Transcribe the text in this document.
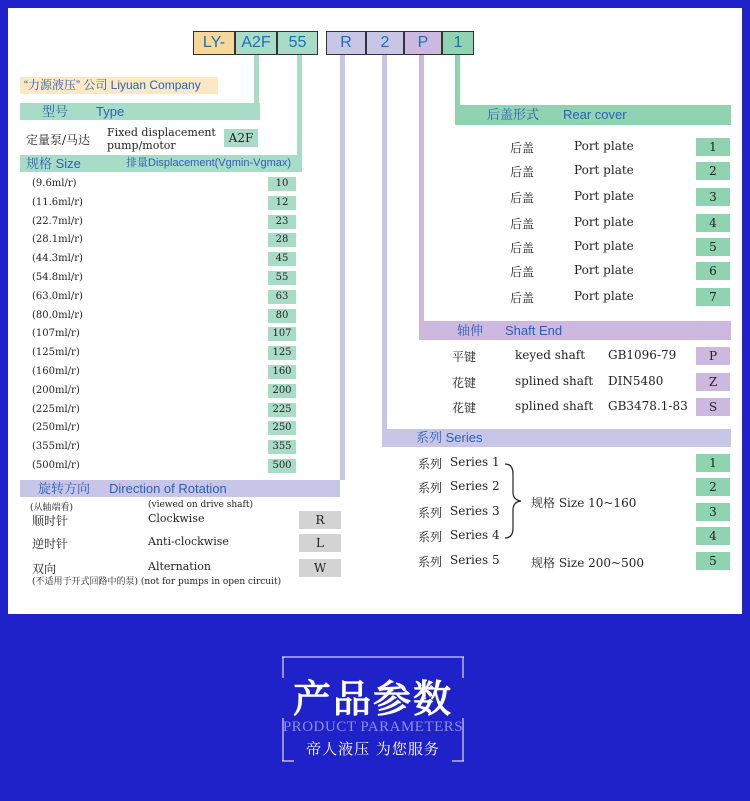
“力源液压” 公司 Liyuan Company
型号 Type
定量泵/马达
Fixed displacement
pump/motor
A2F
规格 Size	排量Displacement(Vgmin-Vgmax)
旋转方向 Direction of Rotation
(从轴端看)	(viewed on drive shaft)
(不适用于开式回路中的泵) (not for pumps in open circuit)
后盖形式 Rear cover
轴伸 Shaft End
系列 Series
规格 Size 10~160
规格 Size 200~500
产品参数
PRODUCT PARAMETERS
帝人液压 为您服务
LY-	A2F	55	R	2	P	1
(9.6ml/r)	10
(11.6ml/r)	12
(22.7ml/r)	23
(28.1ml/r)	28
(44.3ml/r)	45
(54.8ml/r)	55
(63.0ml/r)	63
(80.0ml/r)	80
(107ml/r)	107
(125ml/r)	125
(160ml/r)	160
(200ml/r)	200
(225ml/r)	225
(250ml/r)	250
(355ml/r)	355
(500ml/r)	500
顺时针	Clockwise	R
逆时针	Anti-clockwise	L
双向	Alternation	W
后盖	Port plate	1
后盖	Port plate	2
后盖	Port plate	3
后盖	Port plate	4
后盖	Port plate	5
后盖	Port plate	6
后盖	Port plate	7
平键	keyed shaft GB1096-79	P
花键	splined shaft DIN5480	Z
花键	splined shaft GB3478.1-83	S
系列 Series 1	1
系列 Series 2	2
系列 Series 3	3
系列 Series 4	4
系列 Series 5	5
